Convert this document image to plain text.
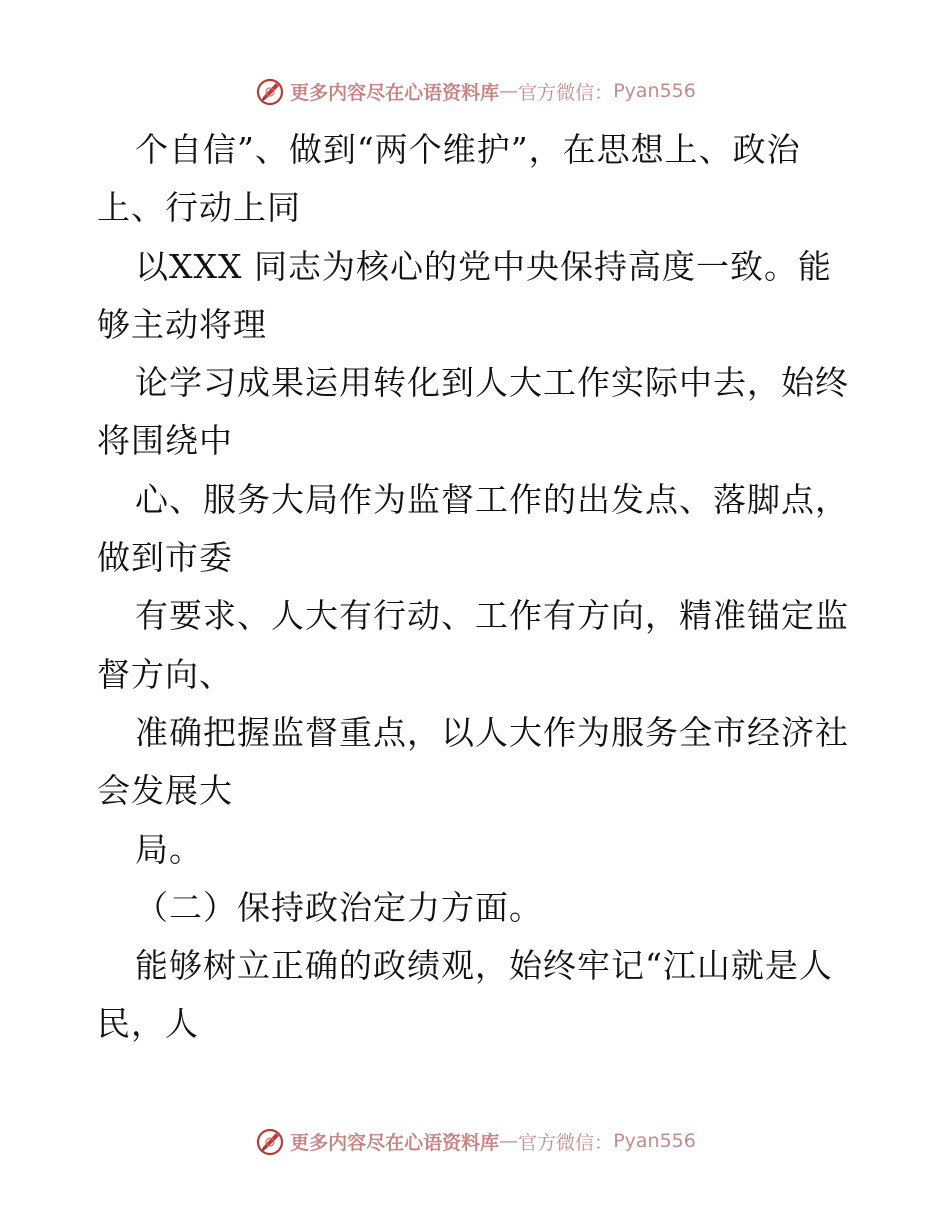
更多内容尽在心语资料库 — 官方微信： Pyan556
个自信”、做到“两个维护”，在思想上、政治
上、行动上同
以XXX 同志为核心的党中央保持高度一致。能
够主动将理
论学习成果运用转化到人大工作实际中去，始终
将围绕中
心、服务大局作为监督工作的出发点、落脚点，
做到市委
有要求、人大有行动、工作有方向，精准锚定监
督方向、
准确把握监督重点，以人大作为服务全市经济社
会发展大
局。
（二）保持政治定力方面。
能够树立正确的政绩观，始终牢记“江山就是人
民，人
更多内容尽在心语资料库 — 官方微信： Pyan556
